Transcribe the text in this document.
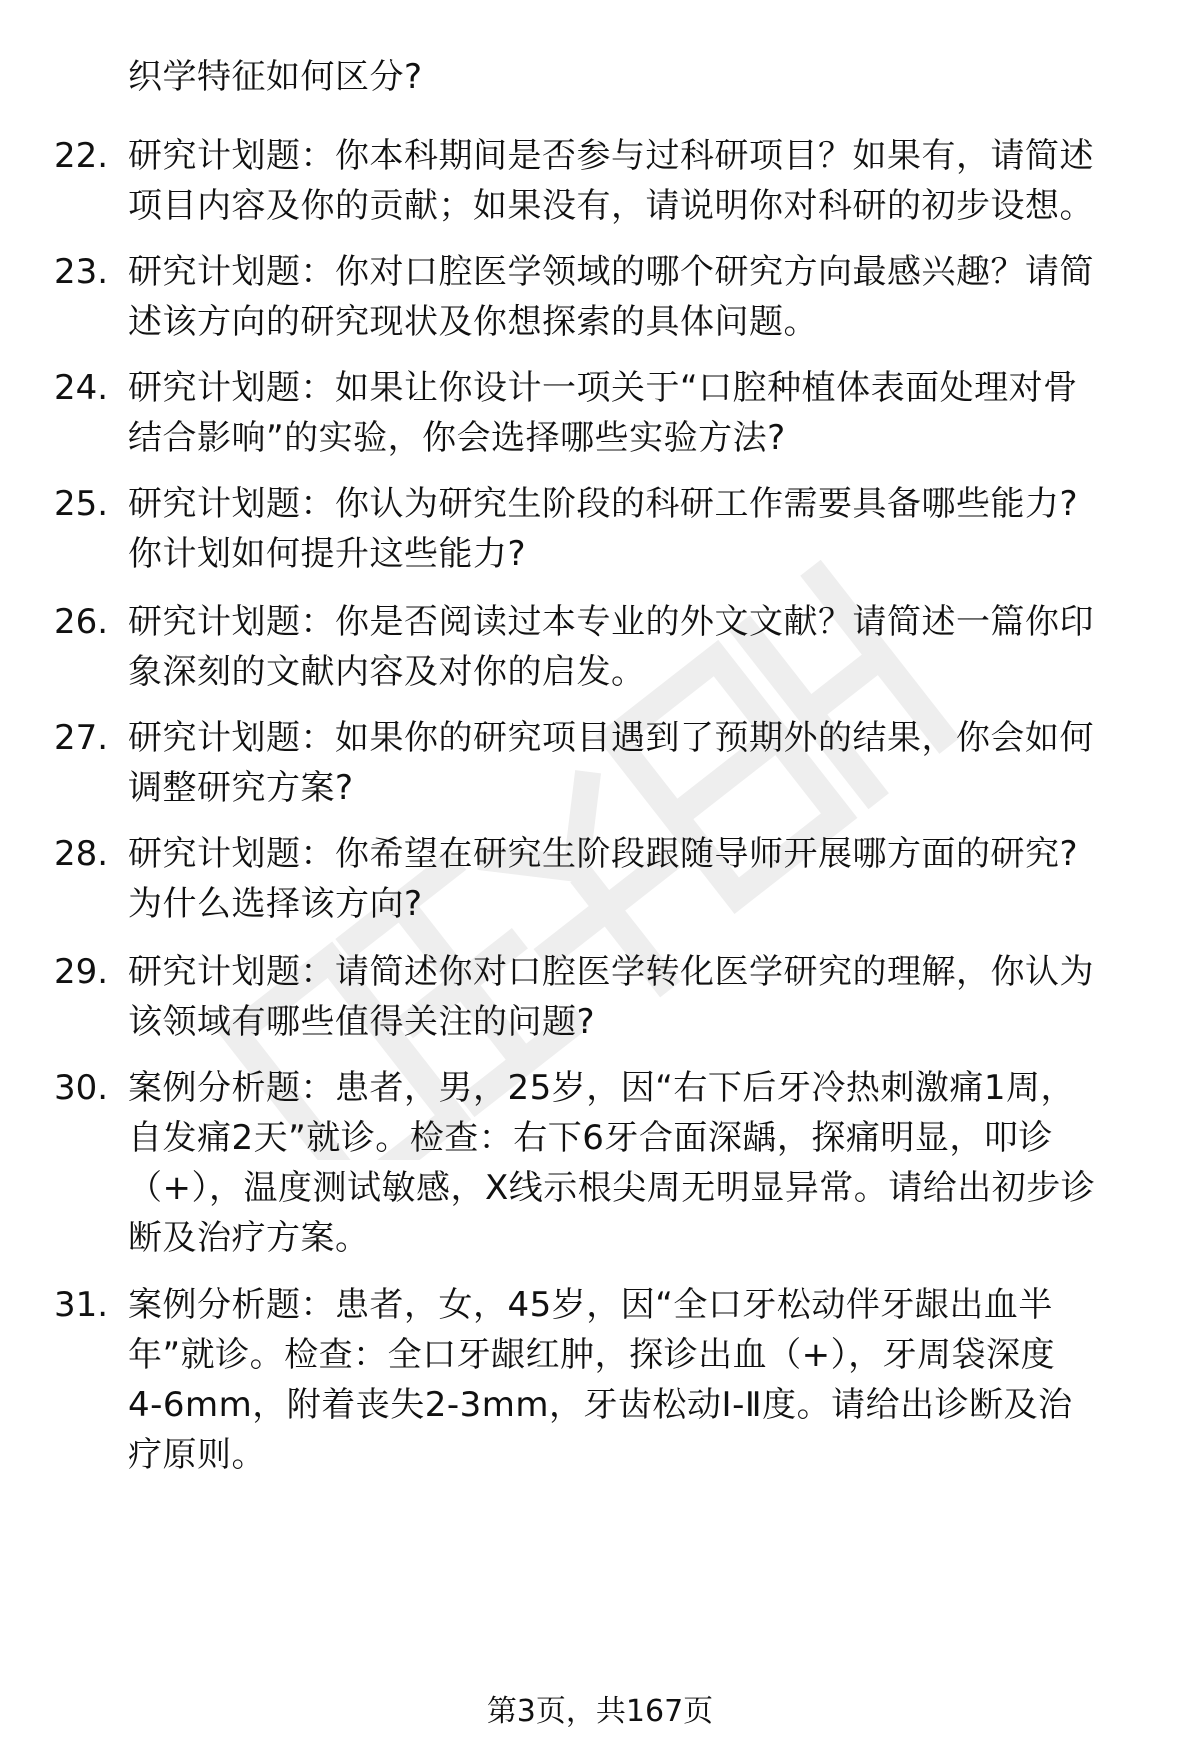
织学特征如何区分?
22. 研究计划题：你本科期间是否参与过科研项目？如果有，请简述
项目内容及你的贡献；如果没有，请说明你对科研的初步设想。
23. 研究计划题：你对口腔医学领域的哪个研究方向最感兴趣？请简
述该方向的研究现状及你想探索的具体问题。
24. 研究计划题：如果让你设计一项关于“口腔种植体表面处理对骨
结合影响”的实验，你会选择哪些实验方法?
25. 研究计划题：你认为研究生阶段的科研工作需要具备哪些能力?
你计划如何提升这些能力?
26. 研究计划题：你是否阅读过本专业的外文文献？请简述一篇你印
象深刻的文献内容及对你的启发。
27. 研究计划题：如果你的研究项目遇到了预期外的结果，你会如何
调整研究方案?
28. 研究计划题：你希望在研究生阶段跟随导师开展哪方面的研究?
为什么选择该方向?
29. 研究计划题：请简述你对口腔医学转化医学研究的理解，你认为
该领域有哪些值得关注的问题?
30. 案例分析题：患者，男，25岁，因“右下后牙冷热刺激痛1周，
自发痛2天”就诊。检查：右下6牙合面深龋，探痛明显，叩诊
（+），温度测试敏感，X线示根尖周无明显异常。请给出初步诊
断及治疗方案。
31. 案例分析题：患者，女，45岁，因“全口牙松动伴牙龈出血半
年”就诊。检查：全口牙龈红肿，探诊出血（+），牙周袋深度
4-6mm，附着丧失2-3mm，牙齿松动Ⅰ-Ⅱ度。请给出诊断及治
疗原则。
第3页，共167页
